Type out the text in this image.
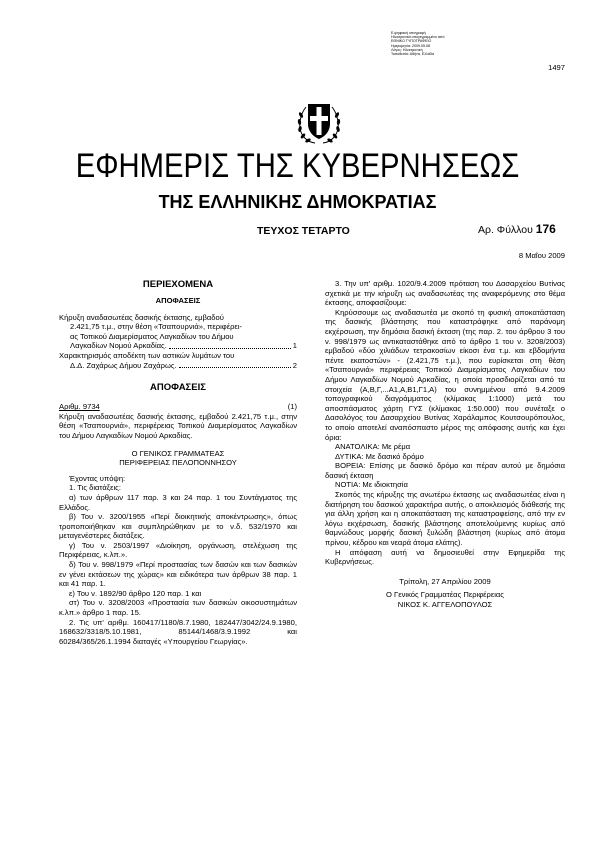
Ε.ψηφιακή υπογραφή
Ηλεκτρονικά υπογεγραμμένο από
ΕΘΝΙΚΟ ΤΥΠΟΓΡΑΦΕΙΟ
Ημερομηνία: 2009.05.08
Λόγος: Ηλεκτρονική
Τοποθεσία: Αθήνα, Ελλάδα
1497
ΕΦΗΜΕΡΙΣ ΤΗΣ ΚΥΒΕΡΝΗΣΕΩΣ
ΤΗΣ ΕΛΛΗΝΙΚΗΣ ΔΗΜΟΚΡΑΤΙΑΣ
ΤΕΥΧΟΣ ΤΕΤΑΡΤΟ	Αρ. Φύλλου 176
8 Μαΐου 2009
ΠΕΡΙΕΧΟΜΕΝΑ
ΑΠΟΦΑΣΕΙΣ
Κήρυξη αναδασωτέας δασικής έκτασης, εμβαδού
2.421,75 τ.μ., στην θέση «Τσαπουρνιά», περιφέρει-
ας Τοπικού Διαμερίσματος Λαγκαδίων του Δήμου
Λαγκαδίων Νομού Αρκαδίας.	1
Χαρακτηρισμός αποδέκτη των αστικών λυμάτων του
Δ.Δ. Ζαχάρως Δήμου Ζαχάρως.	2
ΑΠΟΦΑΣΕΙΣ
Αριθμ. 9734	(1)

Κήρυξη αναδασωτέας δασικής έκτασης, εμβαδού 2.421,75 τ.μ., στην θέση «Τσαπουρνιά», περιφέρειας Τοπικού Διαμερίσματος Λαγκαδίων του Δήμου Λαγκαδίων Νομού Αρκαδίας.

Ο ΓΕΝΙΚΟΣ ΓΡΑΜΜΑΤΕΑΣ
ΠΕΡΙΦΕΡΕΙΑΣ ΠΕΛΟΠΟΝΝΗΣΟΥ

Έχοντας υπόψη:

1. Τις διατάξεις:

α) των άρθρων 117 παρ. 3 και 24 παρ. 1 του Συντάγματος της Ελλάδος.

β) Του ν. 3200/1955 «Περί διοικητικής αποκέντρωσης», όπως τροποποιήθηκαν και συμπληρώθηκαν με το ν.δ. 532/1970 και μεταγενέστερες διατάξεις.

γ) Του ν. 2503/1997 «Διοίκηση, οργάνωση, στελέχωση της Περιφέρειας, κ.λπ.».

δ) Του ν. 998/1979 «Περί προστασίας των δασών και των δασικών εν γένει εκτάσεων της χώρας» και ειδικότερα των άρθρων 38 παρ. 1 και 41 παρ. 1.

ε) Του ν. 1892/90 άρθρο 120 παρ. 1 και

στ) Του ν. 3208/2003 «Προστασία των δασικών οικοσυστημάτων κ.λπ.» άρθρο 1 παρ. 15.

2. Τις υπ' αριθμ. 160417/1180/8.7.1980, 182447/3042/24.9.1980, 168632/3318/5.10.1981, 85144/1468/3.9.1992 και 60284/365/26.1.1994 διαταγές «Υπουργείου Γεωργίας».

3. Την υπ' αριθμ. 1020/9.4.2009 πρόταση του Δασαρχείου Βυτίνας σχετικά με την κήρυξη ως αναδασωτέας της αναφερόμενης στο θέμα έκτασης, αποφασίζουμε:

Κηρύσσουμε ως αναδασωτέα με σκοπό τη φυσική αποκατάσταση της δασικής βλάστησης που καταστράφηκε από παράνομη εκχέρσωση, την δημόσια δασική έκταση (της παρ. 2. του άρθρου 3 του ν. 998/1979 ως αντικαταστάθηκε από το άρθρο 1 του ν. 3208/2003) εμβαδού «δύο χιλιάδων τετρακοσίων είκοσι ένα τ.μ. και εβδομήντα πέντε εκατοστών» - (2.421,75 τ.μ.), που ευρίσκεται στη θέση «Τσαπουρνιά» περιφέρειας Τοπικού Διαμερίσματος Λαγκαδίων του Δήμου Λαγκαδίων Νομού Αρκαδίας, η οποία προσδιορίζεται από τα στοιχεία (Α,Β,Γ,...Α1,Α,Β1,Γ1,Α) του συνημμένου από 9.4.2009 τοπογραφικού διαγράμματος (κλίμακας 1:1000) μετά του αποσπάσματος χάρτη ΓΥΣ (κλίμακας 1:50.000) που συνέταξε ο Δασολόγος του Δασαρχείου Βυτίνας Χαράλαμπος Κουτσουρόπουλος, το οποίο αποτελεί αναπόσπαστο μέρος της απόφασης αυτής και έχει όρια:

ΑΝΑΤΟΛΙΚΑ: Με ρέμα

ΔΥΤΙΚΑ: Με δασικό δρόμο

ΒΟΡΕΙΑ: Επίσης με δασικό δρόμο και πέραν αυτού με δημόσια δασική έκταση

ΝΟΤΙΑ: Με ιδιοκτησία

Σκοπός της κήρυξης της ανωτέρω έκτασης ως αναδασωτέας είναι η διατήρηση του δασικού χαρακτήρα αυτής, ο αποκλεισμός διάθεσής της για άλλη χρήση και η αποκατάσταση της καταστραφείσης, από την εν λόγω εκχέρσωση, δασικής βλάστησης αποτελούμενης κυρίως από θαμνώδους μορφής δασική ξυλώδη βλάστηση (κυρίως από άτομα πρίνου, κέδρου και νεαρά άτομα ελάτης).

Η απόφαση αυτή να δημοσιευθεί στην Εφημερίδα της Κυβερνήσεως.

Τρίπολη, 27 Απριλίου 2009
Ο Γενικός Γραμματέας Περιφέρειας
ΝΙΚΟΣ Κ. ΑΓΓΕΛΟΠΟΥΛΟΣ
